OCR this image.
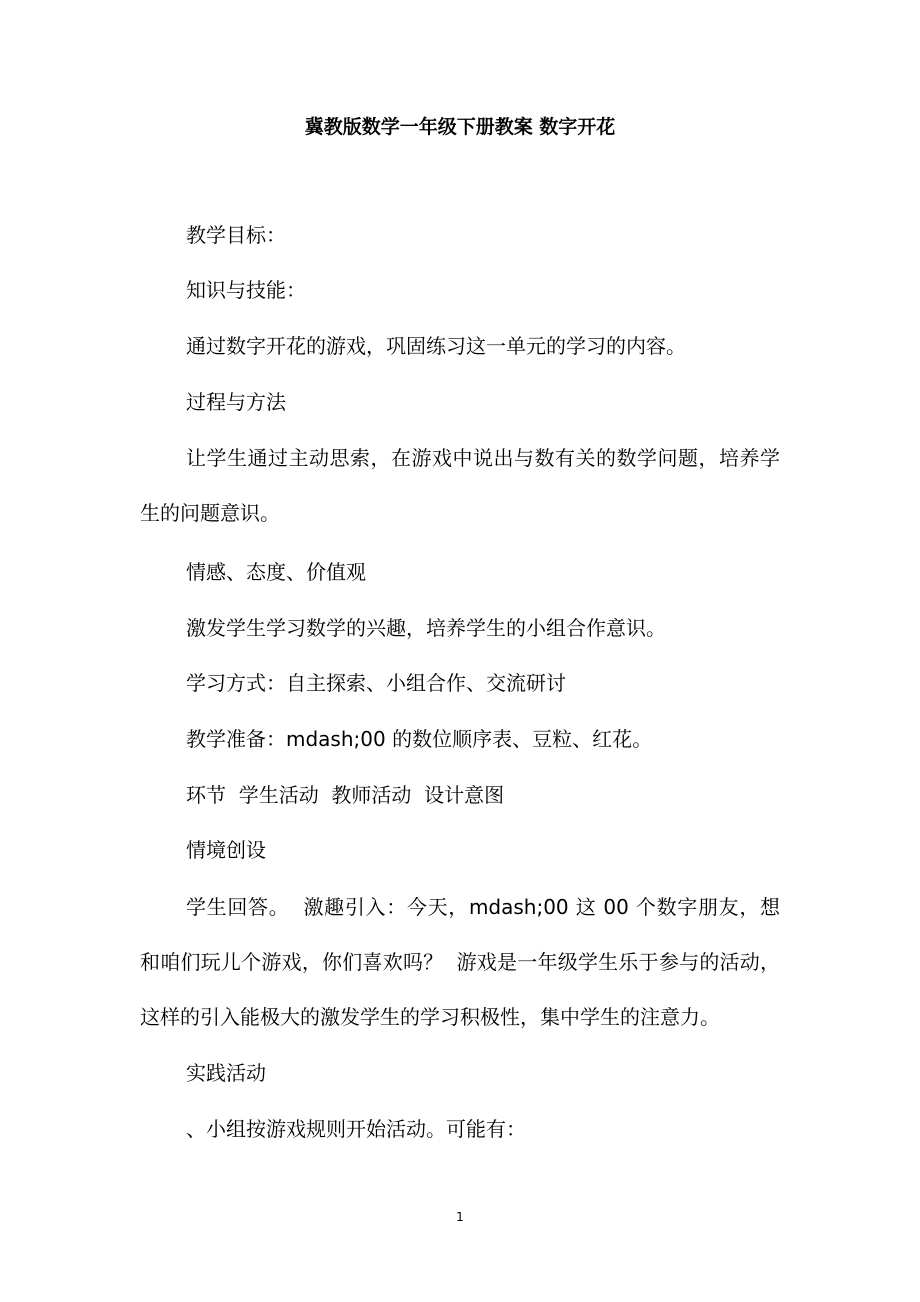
冀教版数学一年级下册教案 数字开花

教学目标：

知识与技能：

通过数字开花的游戏，巩固练习这一单元的学习的内容。

过程与方法

让学生通过主动思索，在游戏中说出与数有关的数学问题，培养学生的问题意识。

情感、态度、价值观

激发学生学习数学的兴趣，培养学生的小组合作意识。

学习方式：自主探索、小组合作、交流研讨

教学准备：mdash;00 的数位顺序表、豆粒、红花。

环节  学生活动  教师活动  设计意图

情境创设

学生回答。  激趣引入：今天，mdash;00 这 00 个数字朋友，想和咱们玩儿个游戏，你们喜欢吗？  游戏是一年级学生乐于参与的活动，这样的引入能极大的激发学生的学习积极性，集中学生的注意力。

实践活动

、小组按游戏规则开始活动。可能有：

1
